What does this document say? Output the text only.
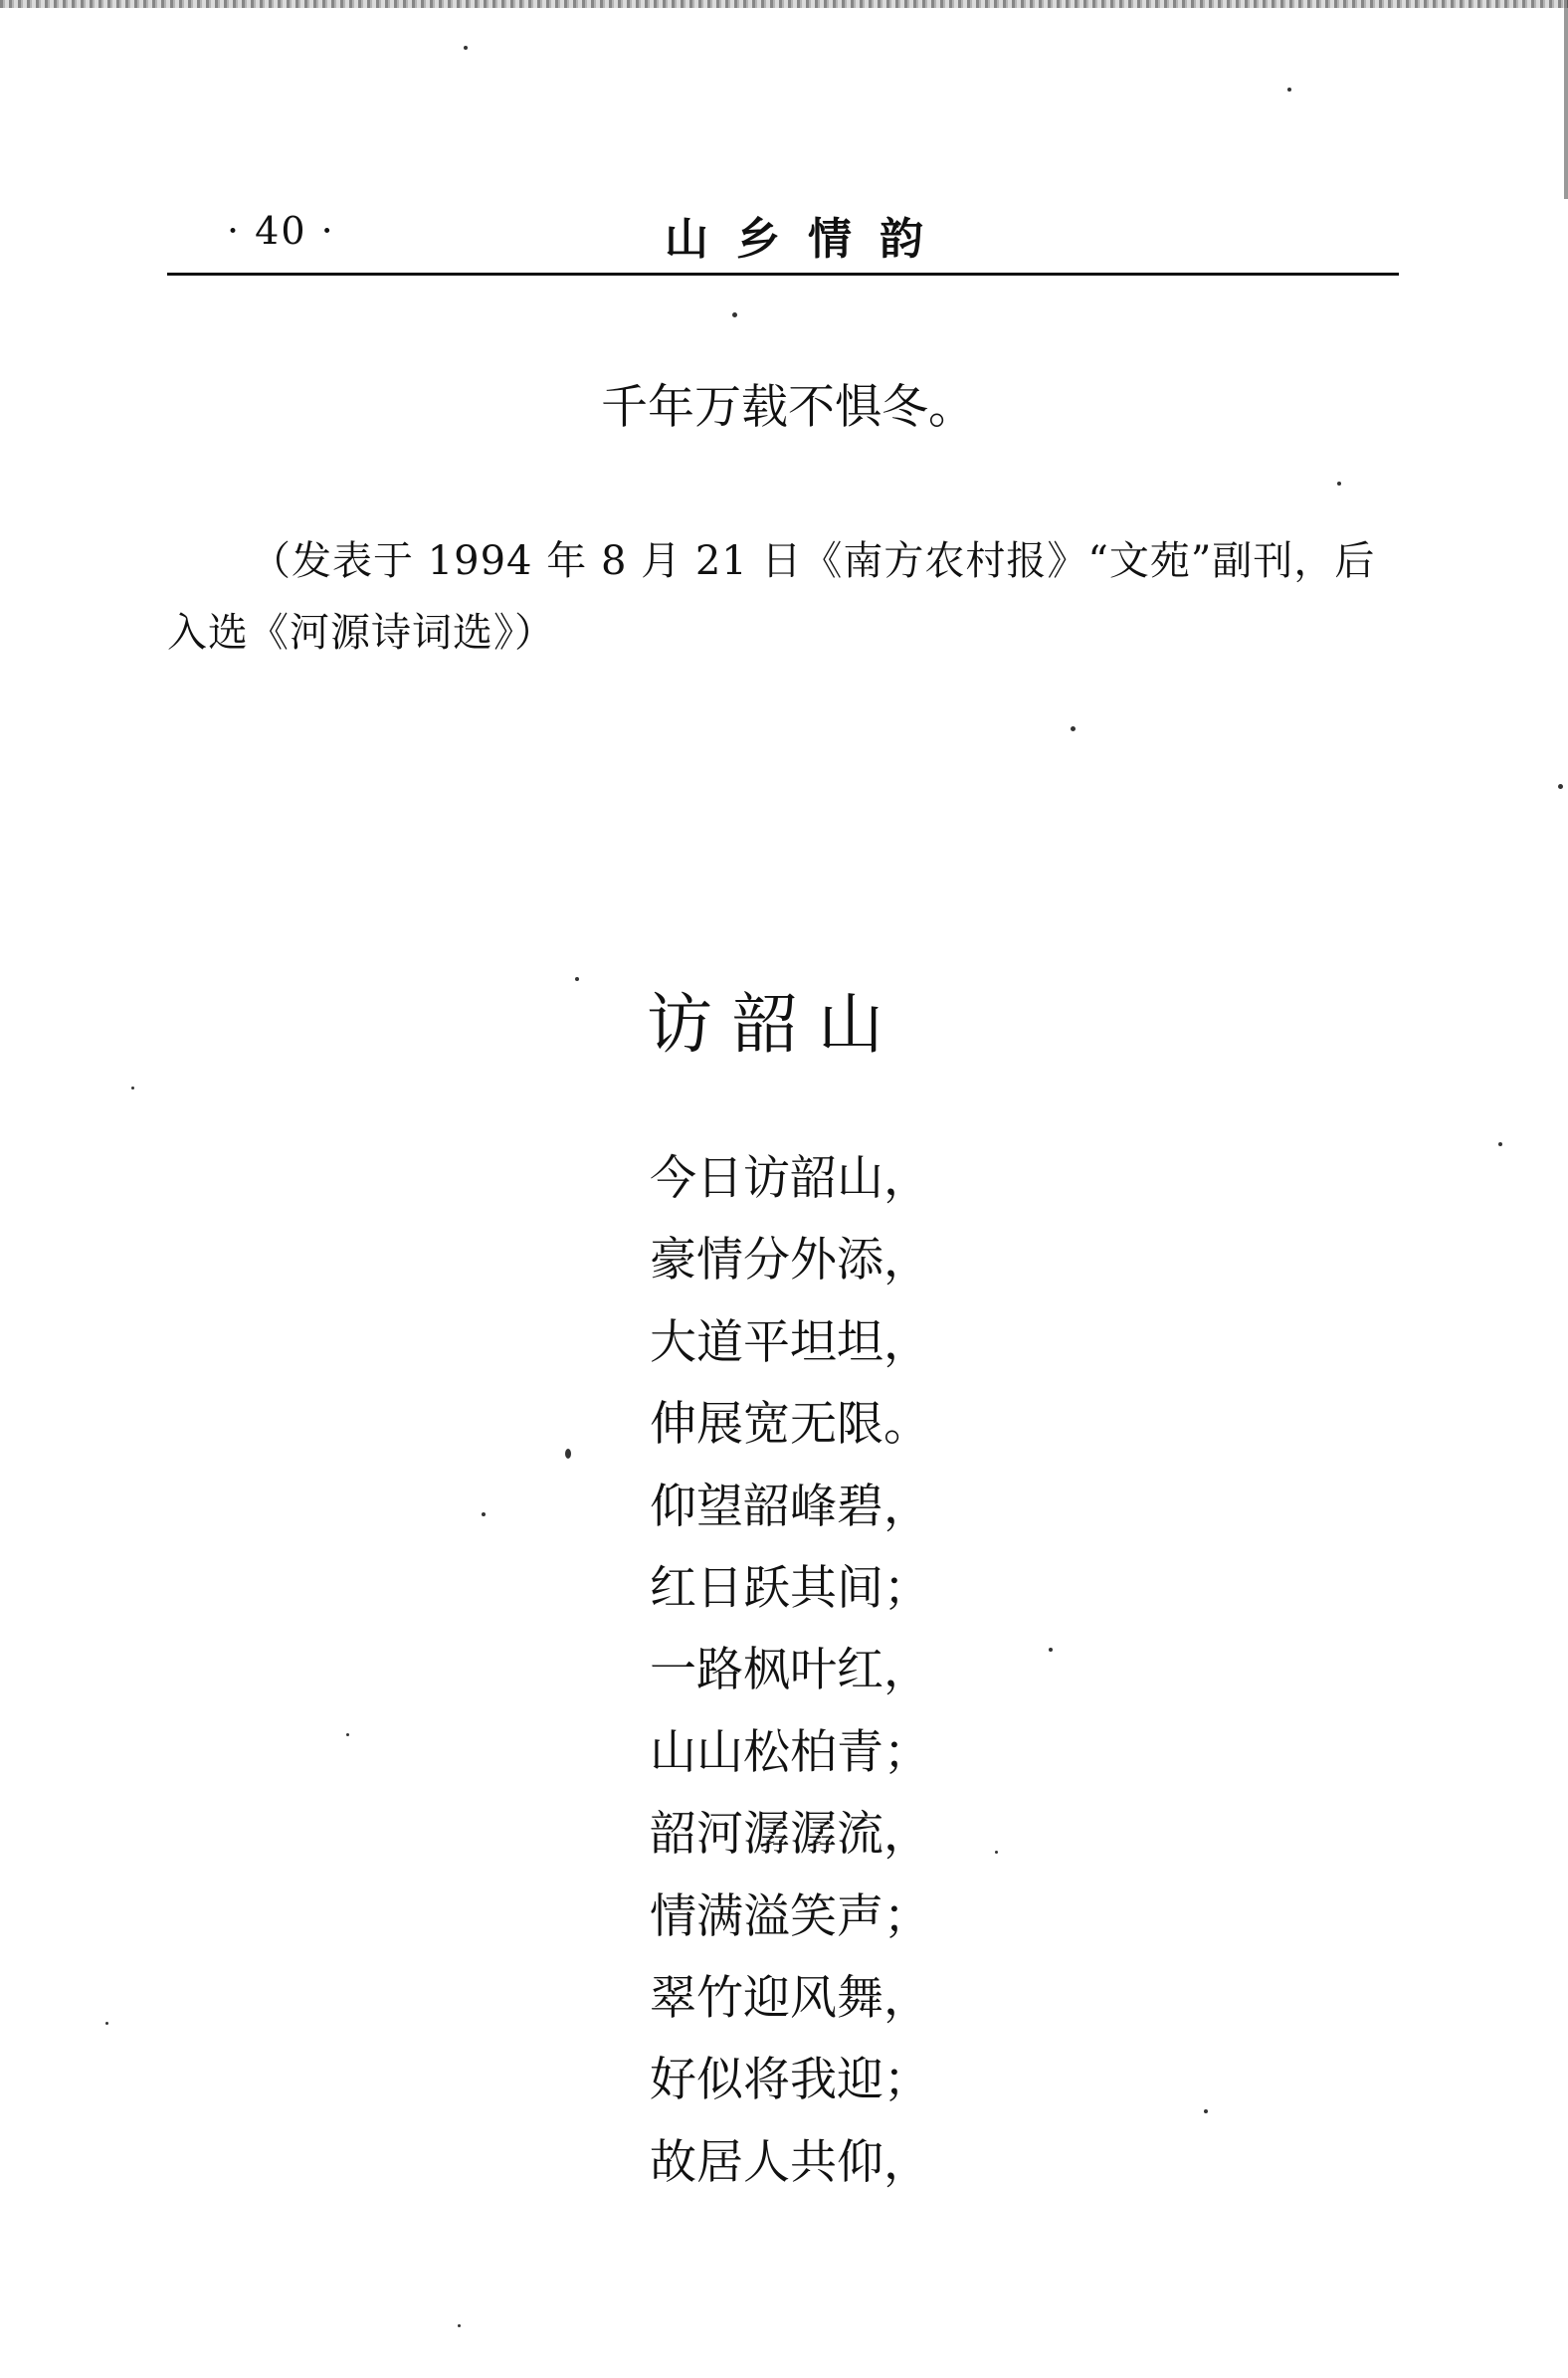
· 40 ·	山乡情韵
千年万载不惧冬。
（发表于 1994 年 8 月 21 日《南方农村报》“文苑”副刊，后入选《河源诗词选》）
访韶山
今日访韶山，
豪情分外添，
大道平坦坦，
伸展宽无限。
仰望韶峰碧，
红日跃其间；
一路枫叶红，
山山松柏青；
韶河潺潺流，
情满溢笑声；
翠竹迎风舞，
好似将我迎；
故居人共仰，
